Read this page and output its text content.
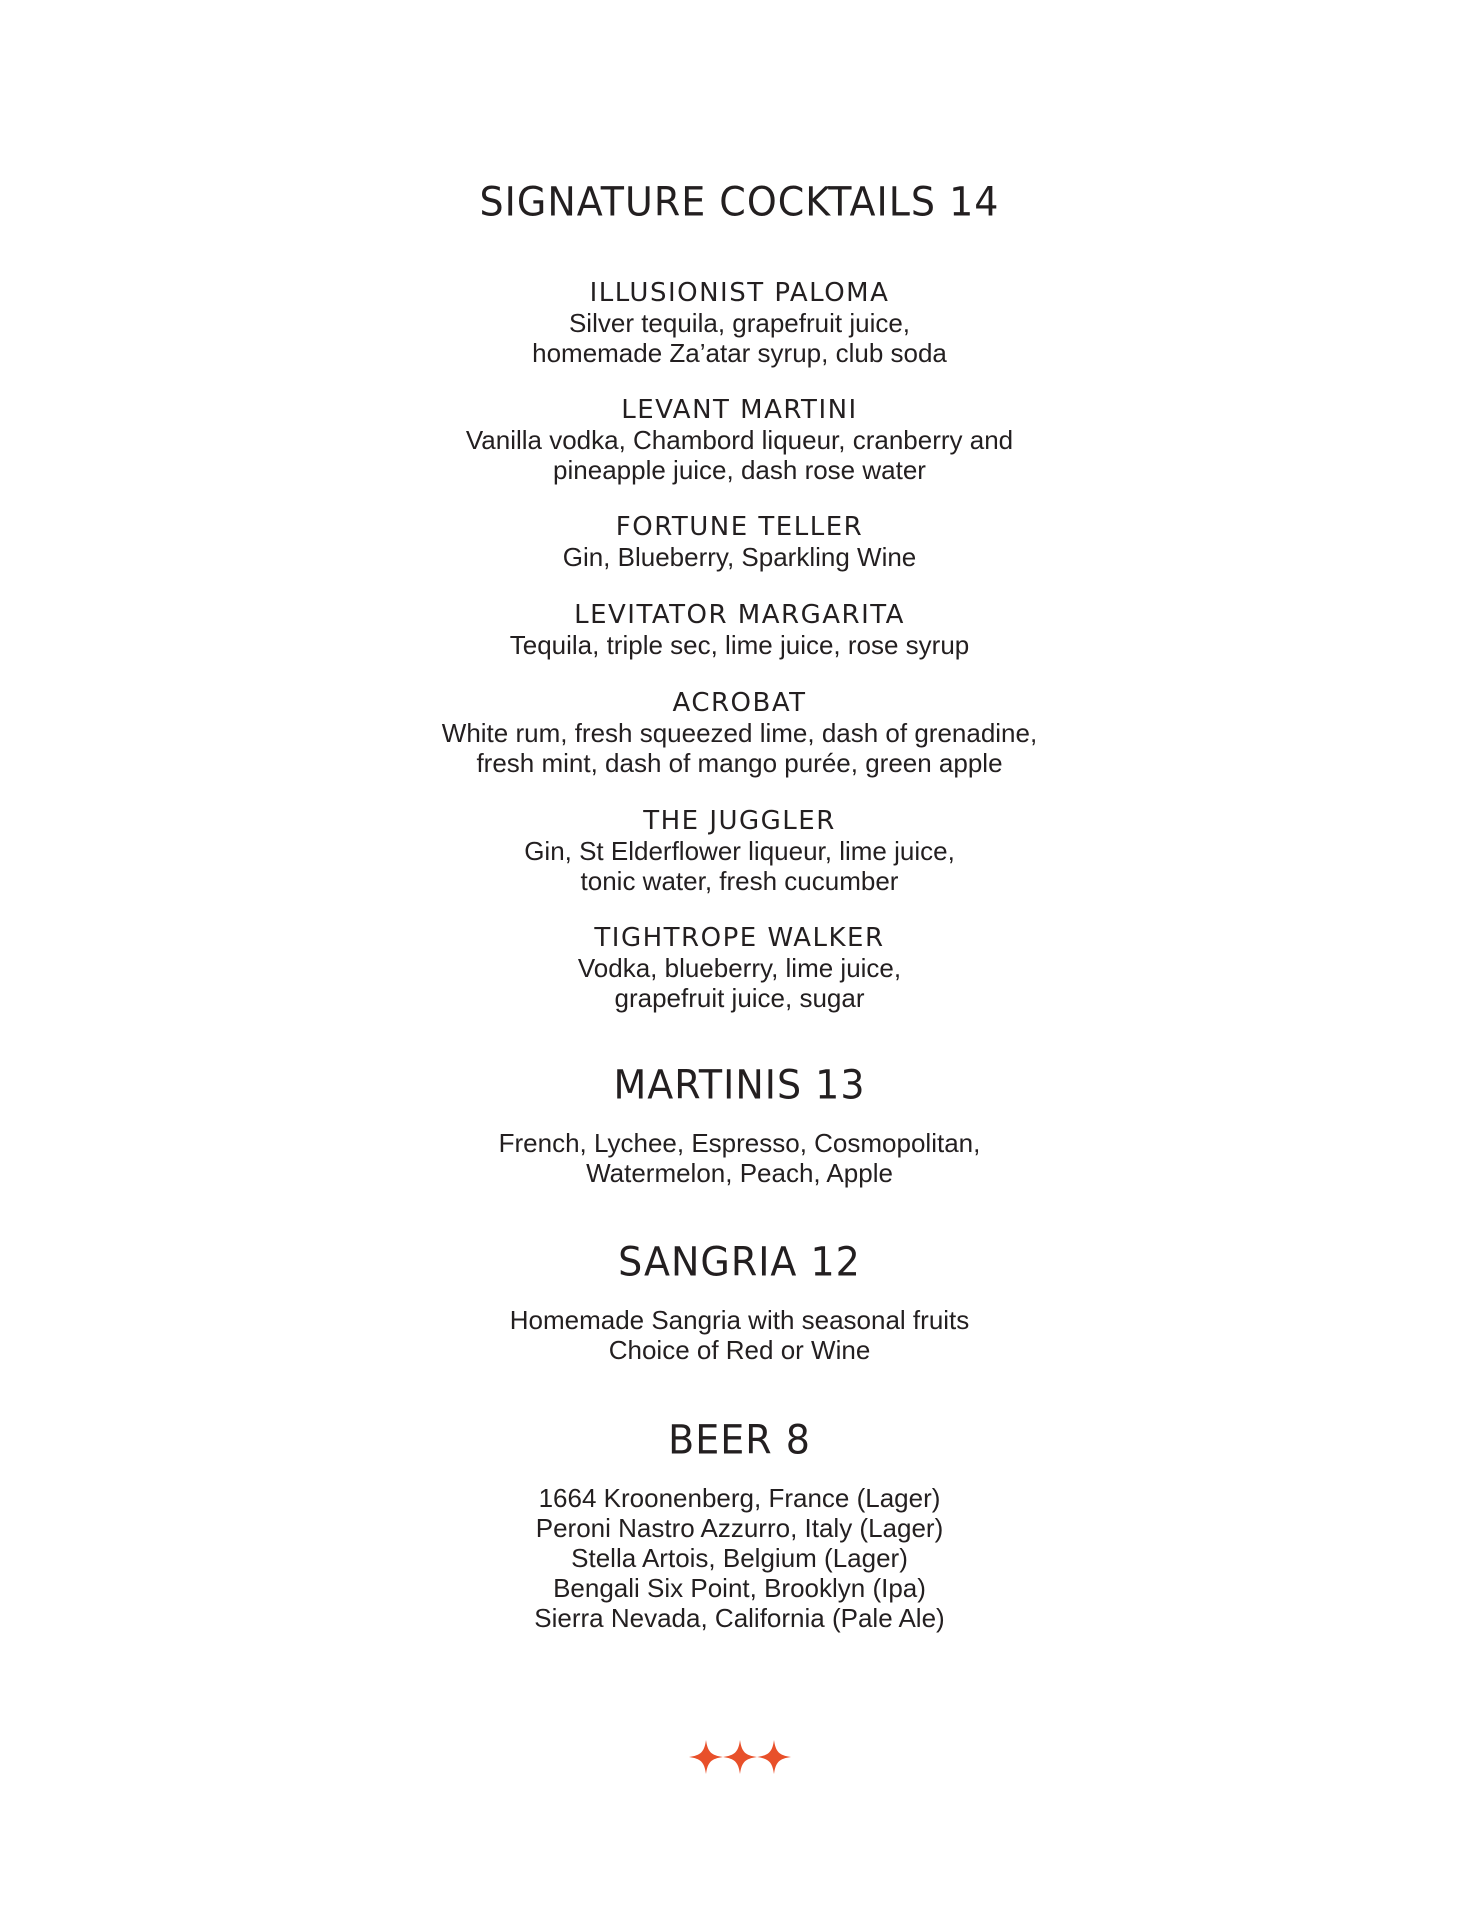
SIGNATURE COCKTAILS 14
ILLUSIONIST PALOMA
Silver tequila, grapefruit juice,
homemade Za’atar syrup, club soda
LEVANT MARTINI
Vanilla vodka, Chambord liqueur, cranberry and
pineapple juice, dash rose water
FORTUNE TELLER
Gin, Blueberry, Sparkling Wine
LEVITATOR MARGARITA
Tequila, triple sec, lime juice, rose syrup
ACROBAT
White rum, fresh squeezed lime, dash of grenadine,
fresh mint, dash of mango purée, green apple
THE JUGGLER
Gin, St Elderflower liqueur, lime juice,
tonic water, fresh cucumber
TIGHTROPE WALKER
Vodka, blueberry, lime juice,
grapefruit juice, sugar
MARTINIS 13
French, Lychee, Espresso, Cosmopolitan,
Watermelon, Peach, Apple
SANGRIA 12
Homemade Sangria with seasonal fruits
Choice of Red or Wine
BEER 8
1664 Kroonenberg, France (Lager)
Peroni Nastro Azzurro, Italy (Lager)
Stella Artois, Belgium (Lager)
Bengali Six Point, Brooklyn (Ipa)
Sierra Nevada, California (Pale Ale)
